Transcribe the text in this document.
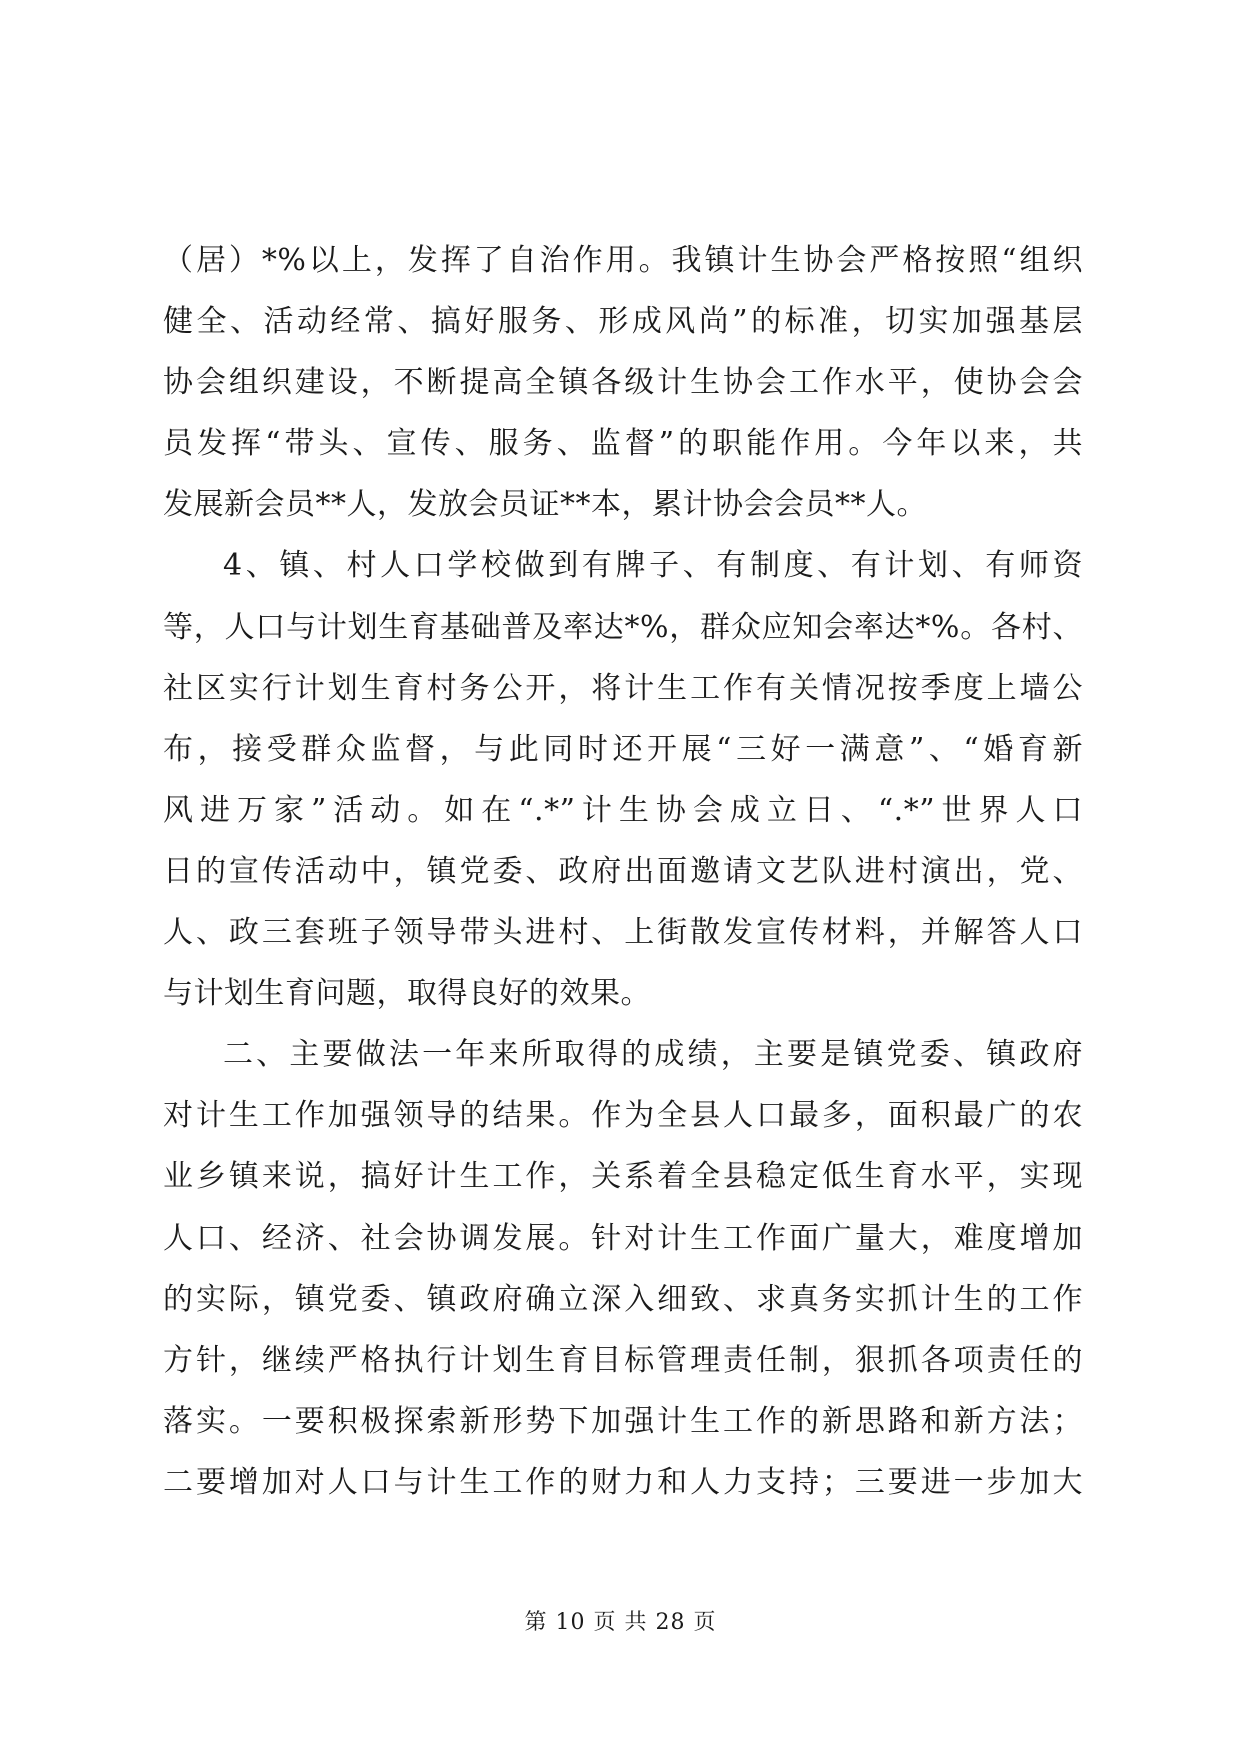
（居）*%以上，发挥了自治作用。我镇计生协会严格按照“组织
健全、活动经常、搞好服务、形成风尚”的标准，切实加强基层
协会组织建设，不断提高全镇各级计生协会工作水平，使协会会
员发挥“带头、宣传、服务、监督”的职能作用。今年以来，共
发展新会员**人，发放会员证**本，累计协会会员**人。
4、镇、村人口学校做到有牌子、有制度、有计划、有师资
等，人口与计划生育基础普及率达*%，群众应知会率达*%。各村、
社区实行计划生育村务公开，将计生工作有关情况按季度上墙公
布，接受群众监督，与此同时还开展“三好一满意”、“婚育新
风进万家”活动。如在“.*”计生协会成立日、“.*”世界人口
日的宣传活动中，镇党委、政府出面邀请文艺队进村演出，党、
人、政三套班子领导带头进村、上街散发宣传材料，并解答人口
与计划生育问题，取得良好的效果。
二、主要做法一年来所取得的成绩，主要是镇党委、镇政府
对计生工作加强领导的结果。作为全县人口最多，面积最广的农
业乡镇来说，搞好计生工作，关系着全县稳定低生育水平，实现
人口、经济、社会协调发展。针对计生工作面广量大，难度增加
的实际，镇党委、镇政府确立深入细致、求真务实抓计生的工作
方针，继续严格执行计划生育目标管理责任制，狠抓各项责任的
落实。一要积极探索新形势下加强计生工作的新思路和新方法；
二要增加对人口与计生工作的财力和人力支持；三要进一步加大
第 10 页 共 28 页
